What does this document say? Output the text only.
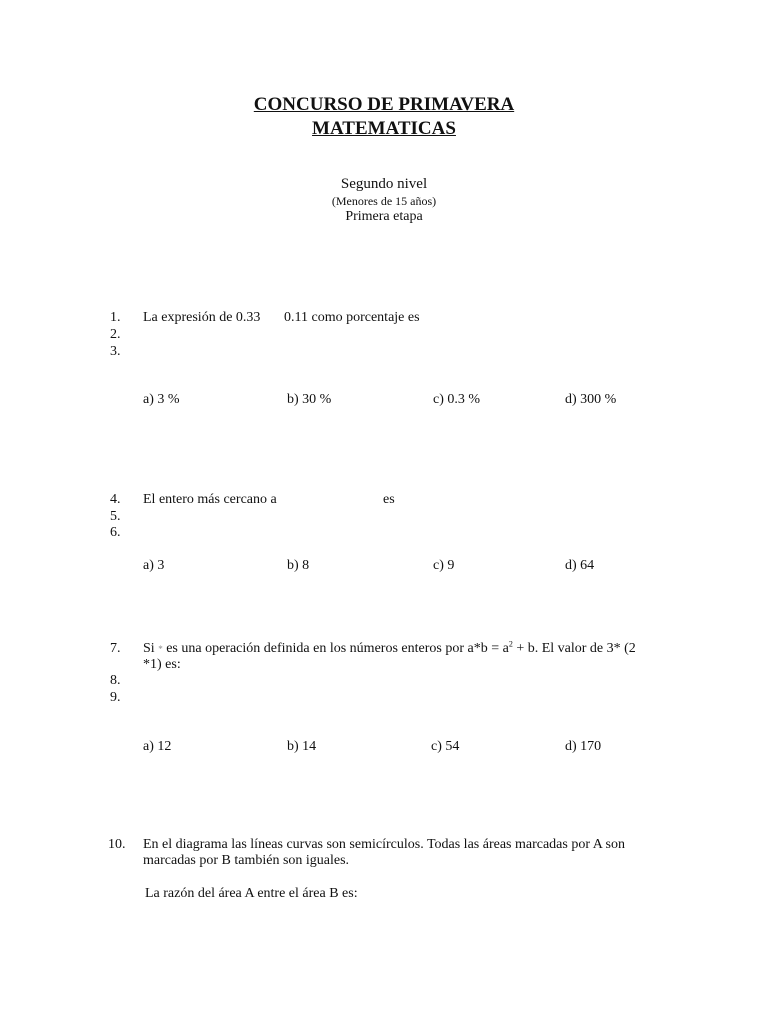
CONCURSO DE PRIMAVERA
MATEMATICAS
Segundo nivel
(Menores de 15 años)
Primera etapa
1.
2.
3.
La expresión de 0.33 0.11 como porcentaje es
a) 3 %	b) 30 %	c) 0.3 %	d) 300 %
4.
5.
6.
El entero más cercano a	es
a) 3	b) 8	c) 9	d) 64
7.
8.
9.
Si * es una operación definida en los números enteros por $a*b = a^2 + b$. El valor de 3* (2
*1) es:
a) 12	b) 14	c) 54	d) 170
10. En el diagrama las líneas curvas son semicírculos. Todas las áreas marcadas por A son
marcadas por B también son iguales.
La razón del área A entre el área B es:
